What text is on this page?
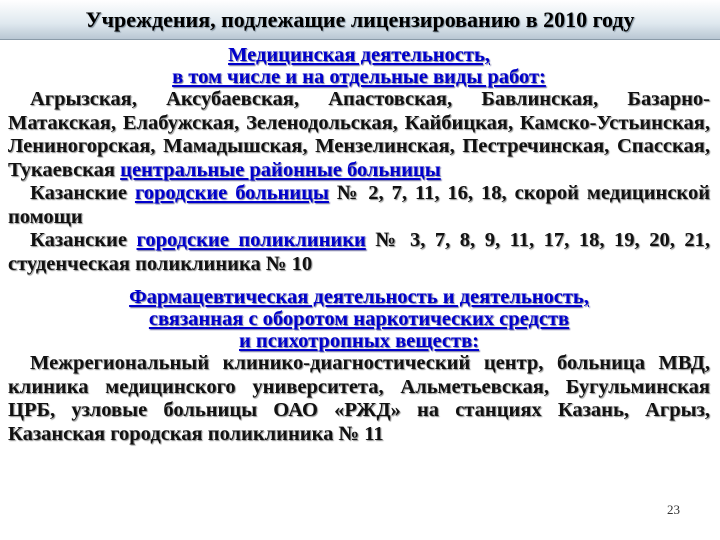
Учреждения, подлежащие лицензированию в 2010 году
Медицинская деятельность,
в том числе и на отдельные виды работ:
Агрызская, Аксубаевская, Апастовская, Бавлинская, Базарно-Матакская, Елабужская, Зеленодольская, Кайбицкая, Камско-Устьинская, Лениногорская, Мамадышская, Мензелинская, Пестречинская, Спасская, Тукаевская центральные районные больницы
Казанские городские больницы № 2, 7, 11, 16, 18, скорой медицинской помощи
Казанские городские поликлиники № 3, 7, 8, 9, 11, 17, 18, 19, 20, 21, студенческая поликлиника № 10
Фармацевтическая деятельность и деятельность,
связанная с оборотом наркотических средств
и психотропных веществ:
Межрегиональный клинико-диагностический центр, больница МВД, клиника медицинского университета, Альметьевская, Бугульминская ЦРБ, узловые больницы ОАО «РЖД» на станциях Казань, Агрыз, Казанская городская поликлиника № 11
23
